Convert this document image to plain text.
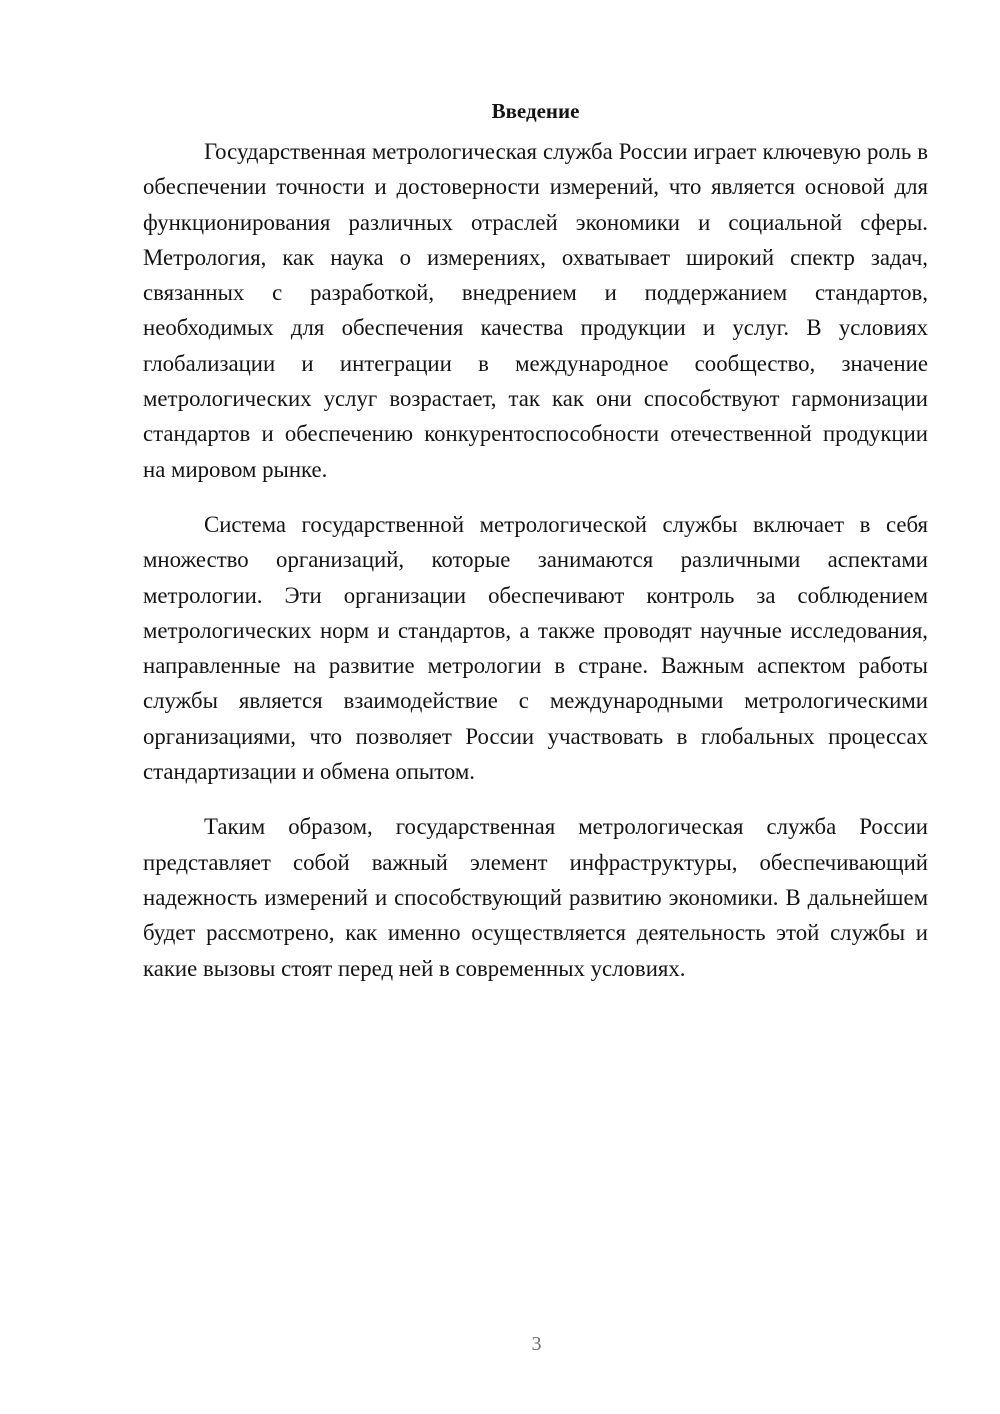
Введение

Государственная метрологическая служба России играет ключевую роль в обеспечении точности и достоверности измерений, что является основой для функционирования различных отраслей экономики и социальной сферы. Метрология, как наука о измерениях, охватывает широкий спектр задач, связанных с разработкой, внедрением и поддержанием стандартов, необходимых для обеспечения качества продукции и услуг. В условиях глобализации и интеграции в международное сообщество, значение метрологических услуг возрастает, так как они способствуют гармонизации стандартов и обеспечению конкурентоспособности отечественной продукции на мировом рынке.

Система государственной метрологической службы включает в себя множество организаций, которые занимаются различными аспектами метрологии. Эти организации обеспечивают контроль за соблюдением метрологических норм и стандартов, а также проводят научные исследования, направленные на развитие метрологии в стране. Важным аспектом работы службы является взаимодействие с международными метрологическими организациями, что позволяет России участвовать в глобальных процессах стандартизации и обмена опытом.

Таким образом, государственная метрологическая служба России представляет собой важный элемент инфраструктуры, обеспечивающий надежность измерений и способствующий развитию экономики. В дальнейшем будет рассмотрено, как именно осуществляется деятельность этой службы и какие вызовы стоят перед ней в современных условиях.

3
